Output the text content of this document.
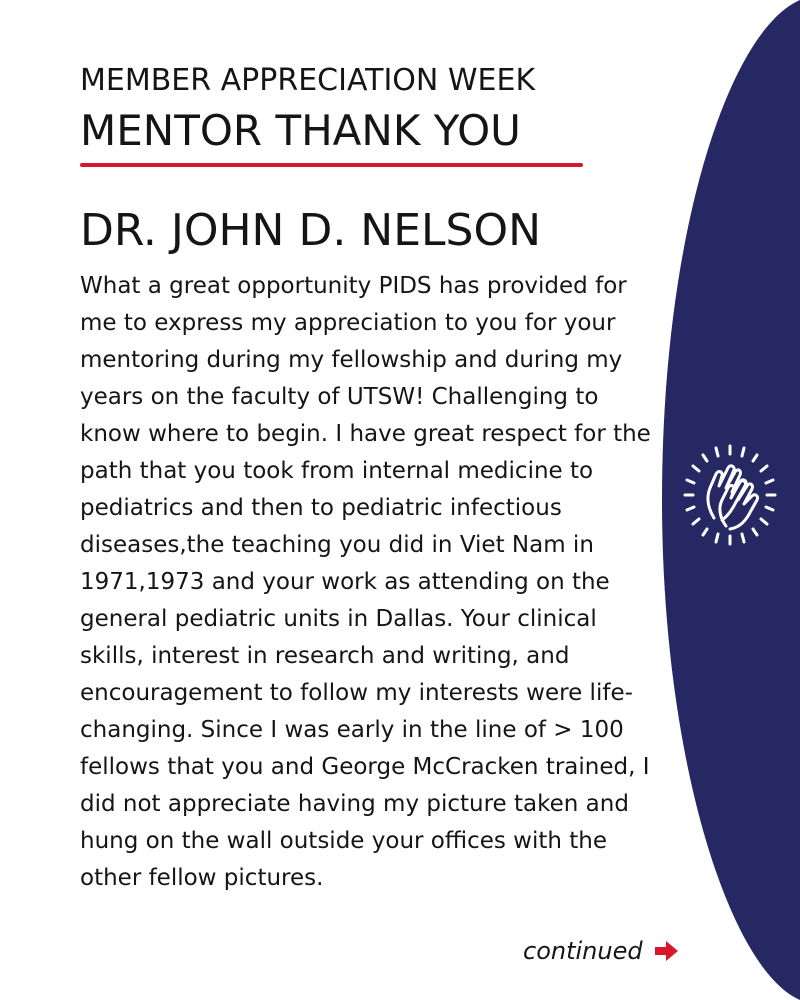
MEMBER APPRECIATION WEEK
MENTOR THANK YOU
DR. JOHN D. NELSON

What a great opportunity PIDS has provided for me to express my appreciation to you for your mentoring during my fellowship and during my years on the faculty of UTSW! Challenging to know where to begin. I have great respect for the path that you took from internal medicine to pediatrics and then to pediatric infectious diseases,the teaching you did in Viet Nam in 1971,1973 and your work as attending on the general pediatric units in Dallas. Your clinical skills, interest in research and writing, and encouragement to follow my interests were life-changing. Since I was early in the line of > 100 fellows that you and George McCracken trained, I did not appreciate having my picture taken and hung on the wall outside your offices with the other fellow pictures.

continued
